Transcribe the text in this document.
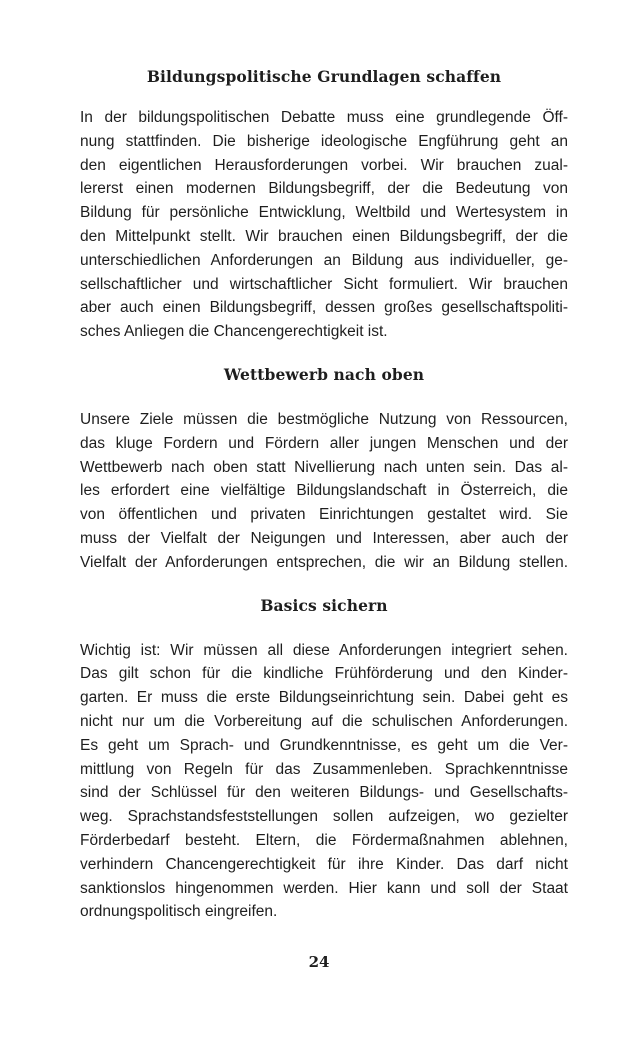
Bildungspolitische Grundlagen schaffen

In der bildungspolitischen Debatte muss eine grundlegende Öff-
nung stattfinden. Die bisherige ideologische Engführung geht an
den eigentlichen Herausforderungen vorbei. Wir brauchen zual-
lererst einen modernen Bildungsbegriff, der die Bedeutung von
Bildung für persönliche Entwicklung, Weltbild und Wertesystem in
den Mittelpunkt stellt. Wir brauchen einen Bildungsbegriff, der die
unterschiedlichen Anforderungen an Bildung aus individueller, ge-
sellschaftlicher und wirtschaftlicher Sicht formuliert. Wir brauchen
aber auch einen Bildungsbegriff, dessen großes gesellschaftspoliti-
sches Anliegen die Chancengerechtigkeit ist.

Wettbewerb nach oben

Unsere Ziele müssen die bestmögliche Nutzung von Ressourcen,
das kluge Fordern und Fördern aller jungen Menschen und der
Wettbewerb nach oben statt Nivellierung nach unten sein. Das al-
les erfordert eine vielfältige Bildungslandschaft in Österreich, die
von öffentlichen und privaten Einrichtungen gestaltet wird. Sie
muss der Vielfalt der Neigungen und Interessen, aber auch der
Vielfalt der Anforderungen entsprechen, die wir an Bildung stellen.

Basics sichern

Wichtig ist: Wir müssen all diese Anforderungen integriert sehen.
Das gilt schon für die kindliche Frühförderung und den Kinder-
garten. Er muss die erste Bildungseinrichtung sein. Dabei geht es
nicht nur um die Vorbereitung auf die schulischen Anforderungen.
Es geht um Sprach- und Grundkenntnisse, es geht um die Ver-
mittlung von Regeln für das Zusammenleben. Sprachkenntnisse
sind der Schlüssel für den weiteren Bildungs- und Gesellschafts-
weg. Sprachstandsfeststellungen sollen aufzeigen, wo gezielter
Förderbedarf besteht. Eltern, die Fördermaßnahmen ablehnen,
verhindern Chancengerechtigkeit für ihre Kinder. Das darf nicht
sanktionslos hingenommen werden. Hier kann und soll der Staat
ordnungspolitisch eingreifen.

24
